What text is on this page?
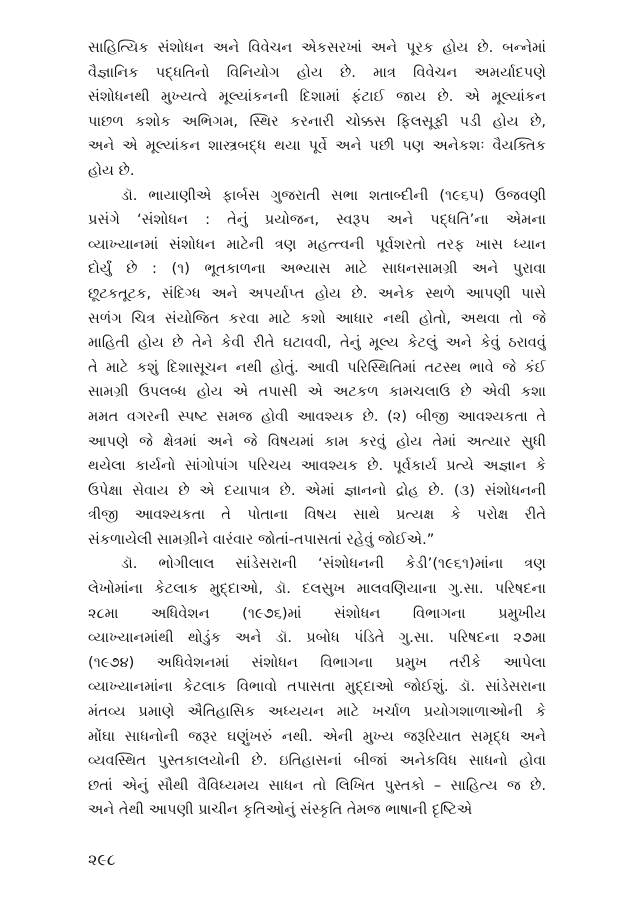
સાહિત્યિક સંશોધન અને વિવેચન એકસરખાં અને પૂરક હોય છે. બન્નેમાં
વૈજ્ઞાનિક પદ્ધતિનો વિનિયોગ હોય છે. માત્ર વિવેચન અમર્યાદપણે
સંશોધનથી મુખ્યત્વે મૂલ્યાંકનની દિશામાં ફંટાઈ જાય છે. એ મૂલ્યાંકન
પાછળ કશોક અભિગમ, સ્થિર કરનારી ચોક્કસ ફિલસૂફી પડી હોય છે,
અને એ મૂલ્યાંકન શાસ્ત્રબદ્ધ થયા પૂર્વે અને પછી પણ અનેકશઃ વૈયક્તિક
હોય છે.
ડૉ. ભાયાણીએ ફાર્બસ ગુજરાતી સભા શતાબ્દીની (૧૯૬૫) ઉજવણી
પ્રસંગે ‘સંશોધન : તેનું પ્રયોજન, સ્વરૂપ અને પદ્ધતિ’ના એમના
વ્યાખ્યાનમાં સંશોધન માટેની ત્રણ મહત્ત્વની પૂર્વશરતો તરફ ખાસ ધ્યાન
દોર્યું છે : (૧) ભૂતકાળના અભ્યાસ માટે સાધનસામગ્રી અને પુરાવા
છૂટકતૂટક, સંદિગ્ધ અને અપર્યાપ્ત હોય છે. અનેક સ્થળે આપણી પાસે
સળંગ ચિત્ર સંયોજિત કરવા માટે કશો આધાર નથી હોતો, અથવા તો જે
માહિતી હોય છે તેને કેવી રીતે ઘટાવવી, તેનું મૂલ્ય કેટલું અને કેવું ઠરાવવું
તે માટે કશું દિશાસૂચન નથી હોતું. આવી પરિસ્થિતિમાં તટસ્થ ભાવે જે કંઈ
સામગ્રી ઉપલબ્ધ હોય એ તપાસી એ અટકળ કામચલાઉ છે એવી કશા
મમત વગરની સ્પષ્ટ સમજ હોવી આવશ્યક છે. (૨) બીજી આવશ્યકતા તે
આપણે જે ક્ષેત્રમાં અને જે વિષયમાં કામ કરવું હોય તેમાં અત્યાર સુધી
થયેલા કાર્યનો સાંગોપાંગ પરિચય આવશ્યક છે. પૂર્વકાર્ય પ્રત્યે અજ્ઞાન કે
ઉપેક્ષા સેવાય છે એ દયાપાત્ર છે. એમાં જ્ઞાનનો દ્રોહ છે. (૩) સંશોધનની
ત્રીજી આવશ્યકતા તે પોતાના વિષય સાથે પ્રત્યક્ષ કે પરોક્ષ રીતે
સંકળાયેલી સામગ્રીને વારંવાર જોતાં-તપાસતાં રહેવું જોઈએ.”
ડૉ. ભોગીલાલ સાંડેસરાની ‘સંશોધનની કેડી’(૧૯૬૧)માંના ત્રણ
લેખોમાંના કેટલાક મુદ્દાઓ, ડૉ. દલસુખ માલવણિયાના ગુ.સા. પરિષદના
૨૮મા અધિવેશન (૧૯૭૬)માં સંશોધન વિભાગના પ્રમુખીય
વ્યાખ્યાનમાંથી થોડુંક અને ડૉ. પ્રબોધ પંડિતે ગુ.સા. પરિષદના ૨૭મા
(૧૯૭૪) અધિવેશનમાં સંશોધન વિભાગના પ્રમુખ તરીકે આપેલા
વ્યાખ્યાનમાંના કેટલાક વિભાવો તપાસતા મુદ્દાઓ જોઈશું. ડૉ. સાંડેસરાના
મંતવ્ય પ્રમાણે ઐતિહાસિક અધ્યયન માટે ખર્ચાળ પ્રયોગશાળાઓની કે
મોંઘા સાધનોની જરૂર ઘણુંખરું નથી. એની મુખ્ય જરૂરિયાત સમૃદ્ધ અને
વ્યવસ્થિત પુસ્તકાલયોની છે. ઇતિહાસનાં બીજાં અનેકવિધ સાધનો હોવા
છતાં એનું સૌથી વૈવિધ્યમય સાધન તો લિખિત પુસ્તકો – સાહિત્ય જ છે.
અને તેથી આપણી પ્રાચીન કૃતિઓનું સંસ્કૃતિ તેમજ ભાષાની દૃષ્ટિએ
૨૯૮
